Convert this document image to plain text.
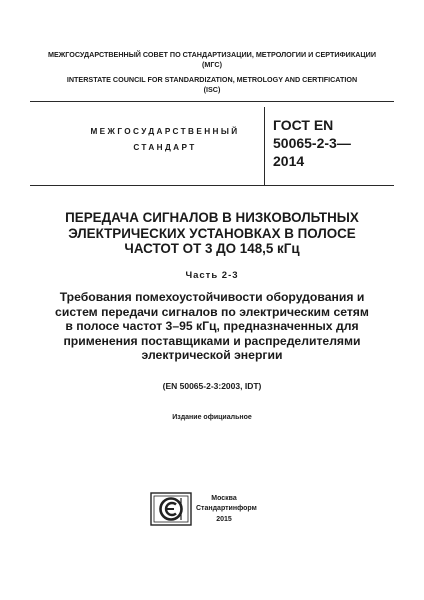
МЕЖГОСУДАРСТВЕННЫЙ СОВЕТ ПО СТАНДАРТИЗАЦИИ, МЕТРОЛОГИИ И СЕРТИФИКАЦИИ
(МГС)
INTERSTATE COUNCIL FOR STANDARDIZATION, METROLOGY AND CERTIFICATION
(ISC)
МЕЖГОСУДАРСТВЕННЫЙ
СТАНДАРТ
ГОСТ EN
50065-2-3—
2014
ПЕРЕДАЧА СИГНАЛОВ В НИЗКОВОЛЬТНЫХ
ЭЛЕКТРИЧЕСКИХ УСТАНОВКАХ В ПОЛОСЕ
ЧАСТОТ ОТ 3 ДО 148,5 кГц
Часть 2-3
Требования помехоустойчивости оборудования и
систем передачи сигналов по электрическим сетям
в полосе частот 3–95 кГц, предназначенных для
применения поставщиками и распределителями
электрической энергии
(EN 50065-2-3:2003, IDT)
Издание официальное
Москва
Стандартинформ
2015
